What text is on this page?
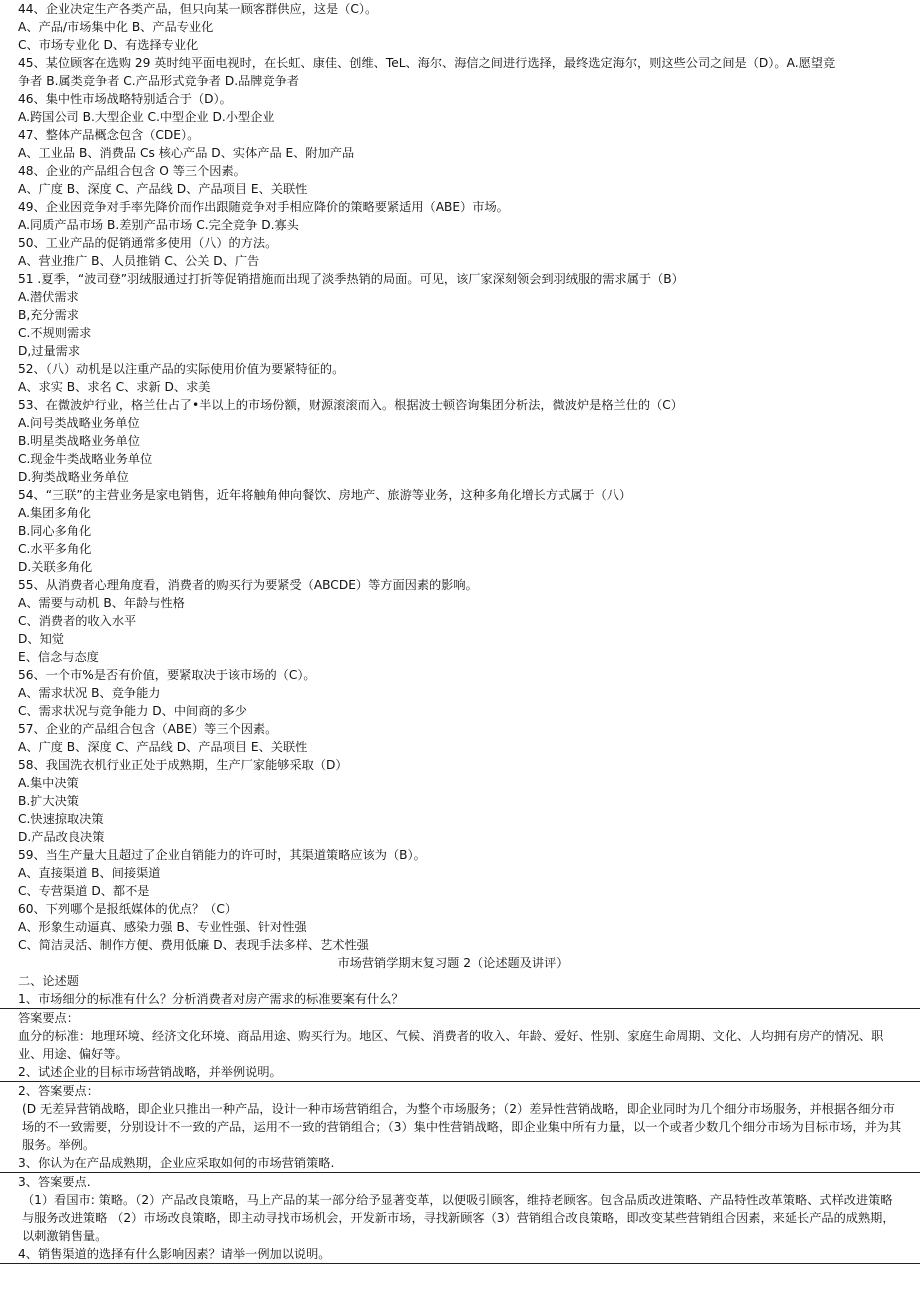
44、企业决定生产各类产品，但只向某一顾客群供应，这是（C）。
A、产品/市场集中化 B、产品专业化
C、市场专业化 D、有选择专业化
45、某位顾客在选购 29 英时纯平面电视时，在长虹、康佳、创维、TeL、海尔、海信之间进行选择，最终选定海尔，则这些公司之间是（D）。A.愿望竞
争者 B.属类竞争者 C.产品形式竞争者 D.品牌竞争者
46、集中性市场战略特别适合于（D）。
A.跨国公司 B.大型企业 C.中型企业 D.小型企业
47、整体产品概念包含（CDE）。
A、工业品 B、消费品 Cs 核心产品 D、实体产品 E、附加产品
48、企业的产品组合包含 O 等三个因素。
A、广度 B、深度 C、产品线 D、产品项目 E、关联性
49、企业因竞争对手率先降价而作出跟随竞争对手相应降价的策略要紧适用（ABE）市场。
A.同质产品市场 B.差别产品市场 C.完全竞争 D.寡头
50、工业产品的促销通常多使用（八）的方法。
A、营业推广 B、人员推销 C、公关 D、广告
51 .夏季，“波司登”羽绒服通过打折等促销措施而出现了淡季热销的局面。可见，该厂家深刻领会到羽绒服的需求属于（B）
A.潜伏需求
B,充分需求
C.不规则需求
D,过量需求
52、（八）动机是以注重产品的实际使用价值为要紧特征的。
A、求实 B、求名 C、求新 D、求美
53、在微波炉行业，格兰仕占了•半以上的市场份额，财源滚滚而入。根据波士顿咨询集团分析法，微波炉是格兰仕的（C）
A.问号类战略业务单位
B.明星类战略业务单位
C.现金牛类战略业务单位
D.狗类战略业务单位
54、“三联”的主营业务是家电销售，近年将触角伸向餐饮、房地产、旅游等业务，这种多角化增长方式属于（八）
A.集团多角化
B.同心多角化
C.水平多角化
D.关联多角化
55、从消费者心理角度看，消费者的购买行为要紧受（ABCDE）等方面因素的影响。
A、需要与动机 B、年龄与性格
C、消费者的收入水平
D、知觉
E、信念与态度
56、一个市%是否有价值，要紧取决于该市场的（C）。
A、需求状况 B、竞争能力
C、需求状况与竞争能力 D、中间商的多少
57、企业的产品组合包含（ABE）等三个因素。
A、广度 B、深度 C、产品线 D、产品项目 E、关联性
58、我国洗衣机行业正处于成熟期，生产厂家能够采取（D）
A.集中决策
B.扩大决策
C.快速掠取决策
D.产品改良决策
59、当生产量大且超过了企业自销能力的许可时，其渠道策略应该为（B）。
A、直接渠道 B、间接渠道
C、专营渠道 D、都不是
60、下列哪个是报纸媒体的优点？（C）
A、形象生动逼真、感染力强 B、专业性强、针对性强
C、简洁灵活、制作方便、费用低廉 D、表现手法多样、艺术性强
市场营销学期末复习题 2（论述题及讲评）
二、论述题
1、市场细分的标准有什么？分析消费者对房产需求的标准要案有什么？
答案要点：
血分的标准：地理环境、经济文化环境、商品用途、购买行为。地区、气候、消费者的收入、年龄、爱好、性别、家庭生命周期、文化、人均拥有房产的情况、职业、用途、偏好等。
2、试述企业的目标市场营销战略，并举例说明。
2、答案要点：
(D 无差异营销战略，即企业只推出一种产品，设计一种市场营销组合，为整个市场服务；（2）差异性营销战略，即企业同时为几个细分市场服务，并根据各细分市场的不一致需要，分别设计不一致的产品，运用不一致的营销组合；（3）集中性营销战略，即企业集中所有力量，以一个或者少数几个细分市场为目标市场，并为其服务。举例。
3、你认为在产品成熟期，企业应采取如何的市场营销策略.
3、答案要点.
（1）看国市: 策略。（2）产品改良策略，马上产品的某一部分给予显著变革，以便吸引顾客，维持老顾客。包含品质改进策略、产品特性改革策略、式样改进策略与服务改进策略 （2）市场改良策略，即主动寻找市场机会，开发新市场，寻找新顾客（3）营销组合改良策略，即改变某些营销组合因素，来延长产品的成熟期，以刺激销售量。
4、销售渠道的选择有什么影响因素？请举一例加以说明。
